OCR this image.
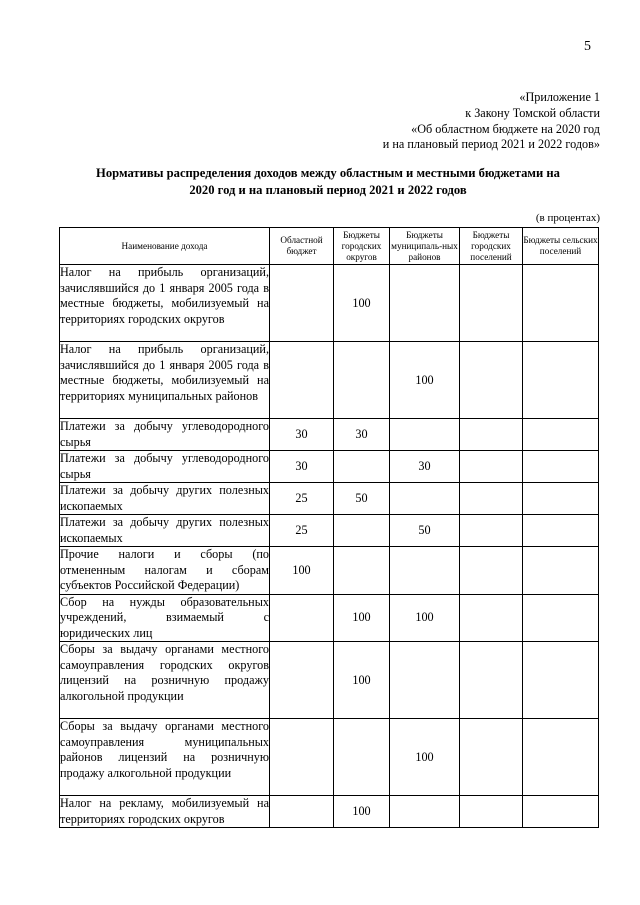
5
«Приложение 1
к Закону Томской области
«Об областном бюджете на 2020 год
и на плановый период 2021 и 2022 годов»
Нормативы распределения доходов между областным и местными бюджетами на
2020 год и на плановый период 2021 и 2022 годов
(в процентах)
Наименование дохода	Областной бюджет	Бюджеты городских округов	Бюджеты муниципаль-ных районов	Бюджеты городских поселений	Бюджеты сельских поселений
Налог на прибыль организаций, зачислявшийся до 1 января 2005 года в местные бюджеты, мобилизуемый на территориях городских округов		100			
Налог на прибыль организаций, зачислявшийся до 1 января 2005 года в местные бюджеты, мобилизуемый на территориях муниципальных районов			100		
Платежи за добычу углеводородного сырья	30	30			
Платежи за добычу углеводородного сырья	30		30		
Платежи за добычу других полезных ископаемых	25	50			
Платежи за добычу других полезных ископаемых	25		50		
Прочие налоги и сборы (по отмененным налогам и сборам субъектов Российской Федерации)	100				
Сбор на нужды образовательных учреждений, взимаемый с юридических лиц		100	100		
Сборы за выдачу органами местного самоуправления городских округов лицензий на розничную продажу алкогольной продукции		100			
Сборы за выдачу органами местного самоуправления муниципальных районов лицензий на розничную продажу алкогольной продукции			100		
Налог на рекламу, мобилизуемый на территориях городских округов		100			
